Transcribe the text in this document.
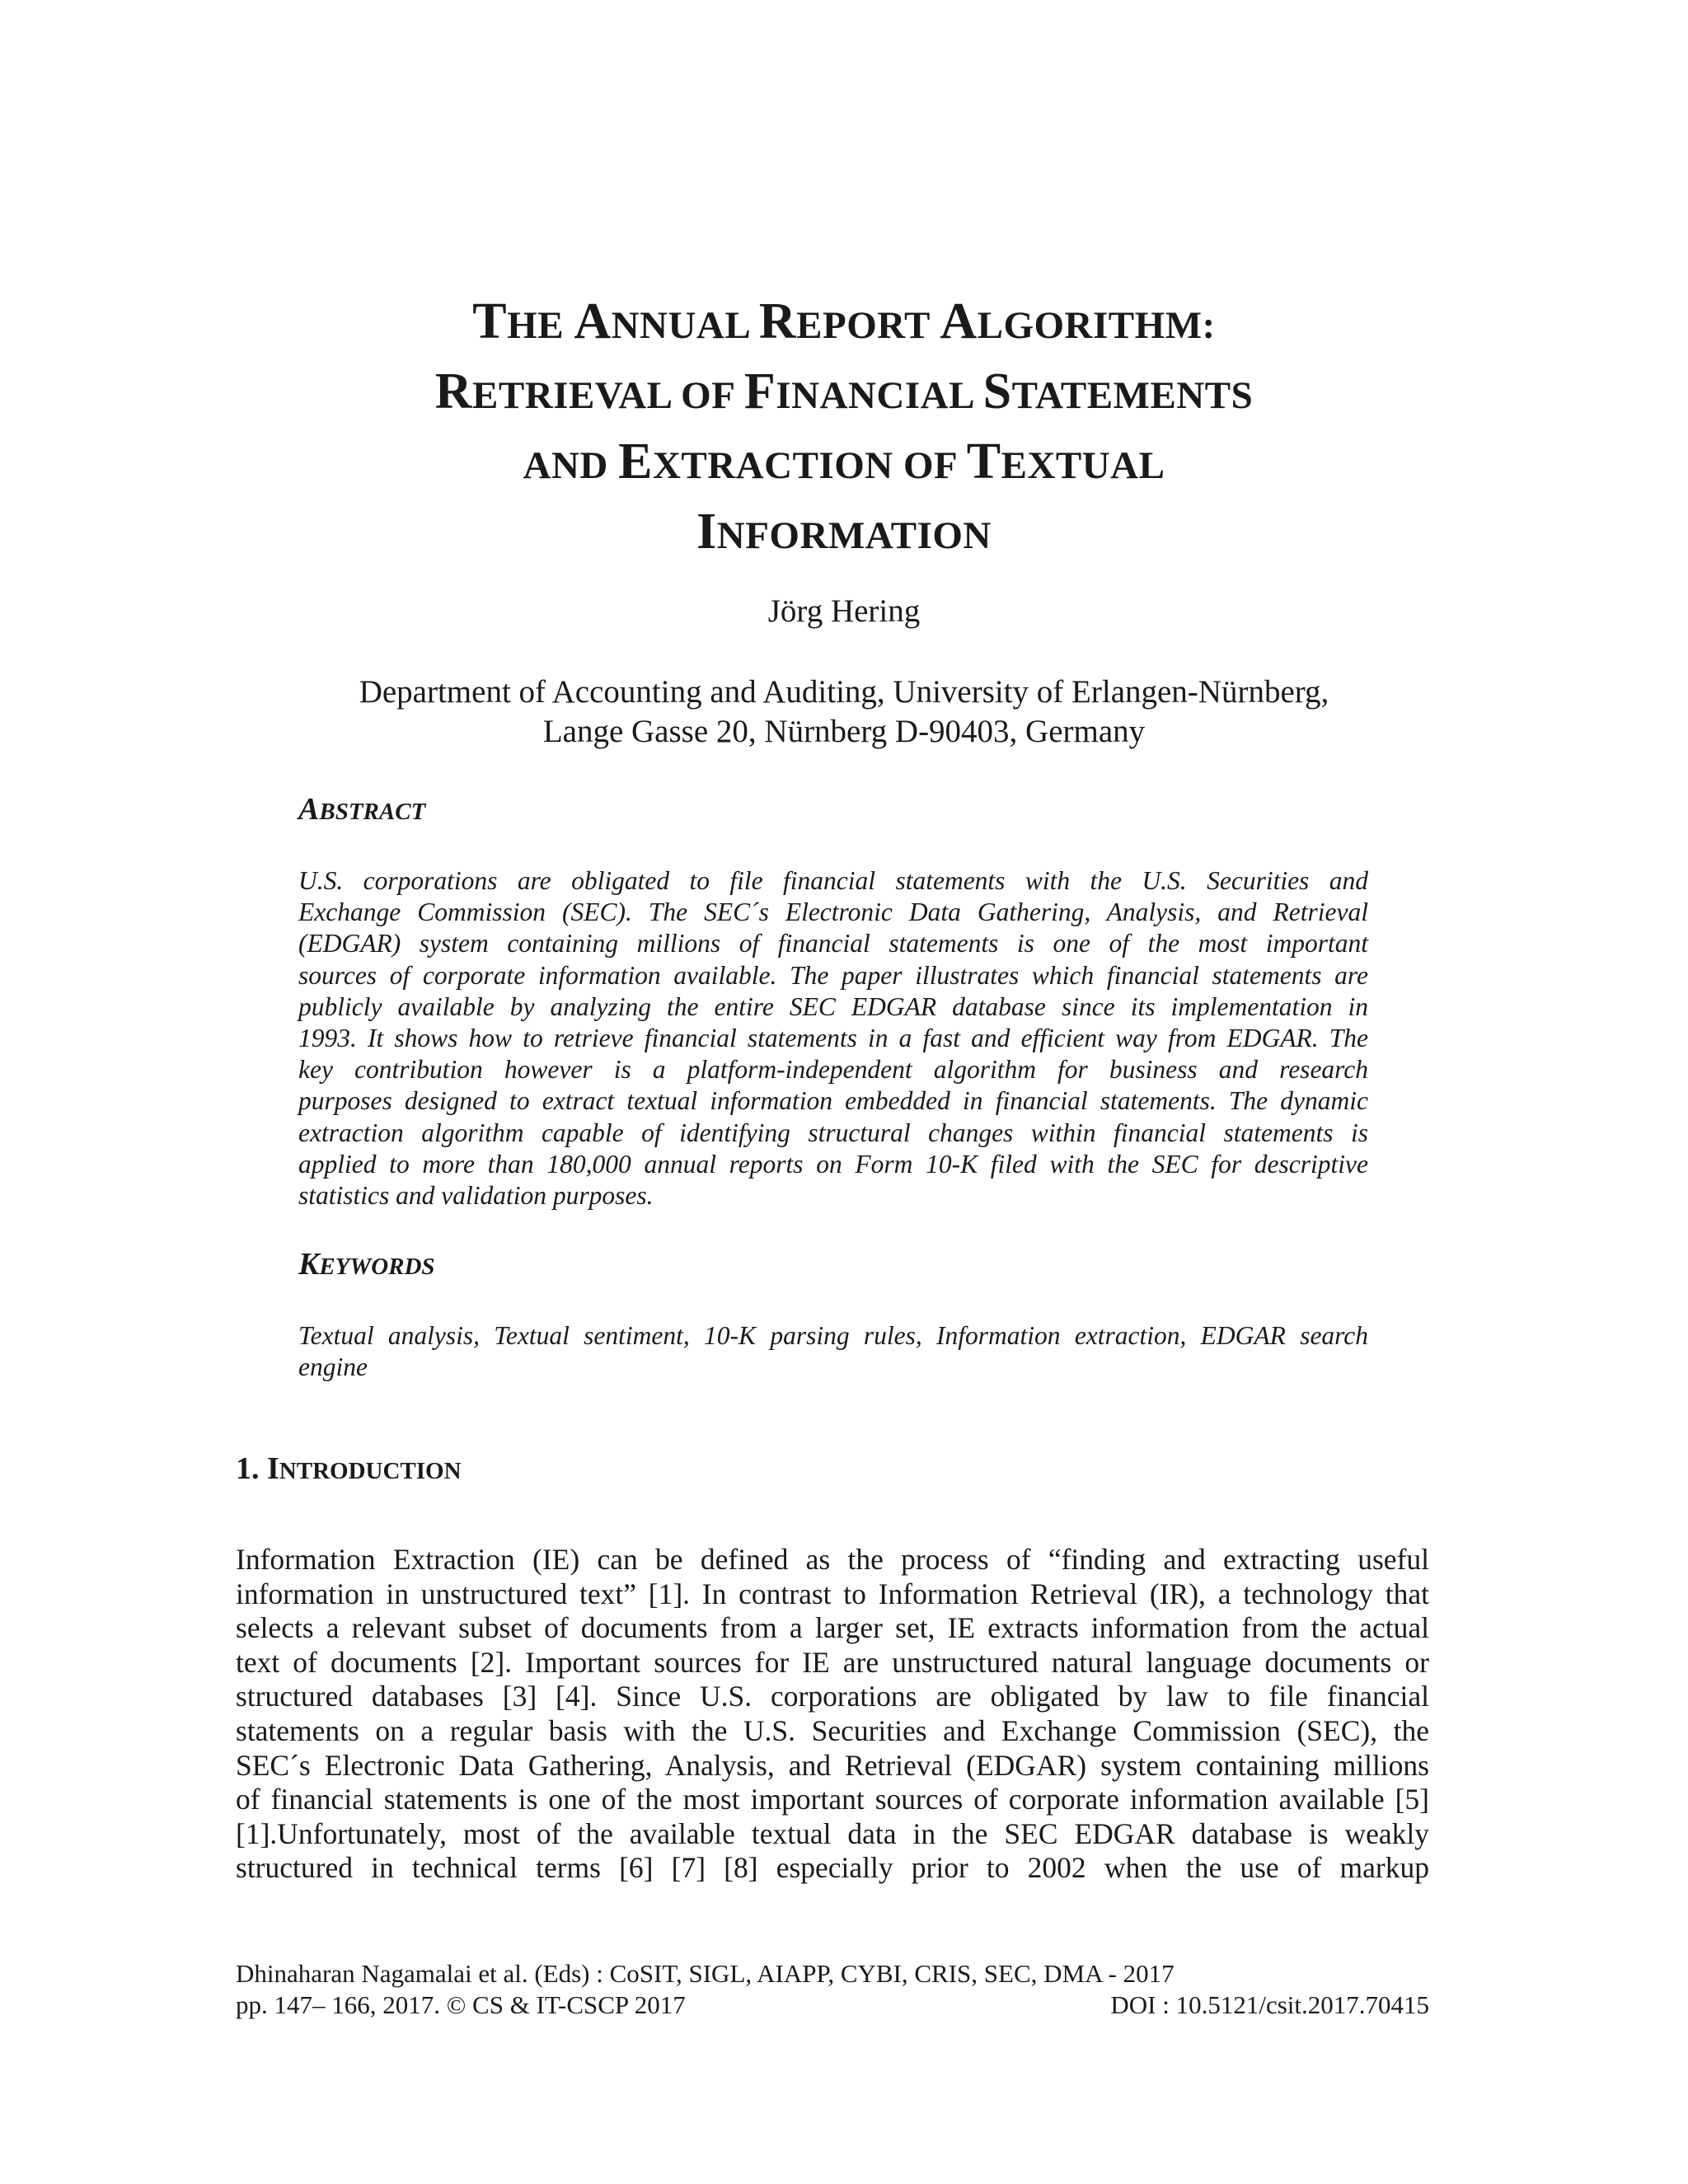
THE ANNUAL REPORT ALGORITHM:
RETRIEVAL OF FINANCIAL STATEMENTS
AND EXTRACTION OF TEXTUAL
INFORMATION
Jörg Hering
Department of Accounting and Auditing, University of Erlangen-Nürnberg,
Lange Gasse 20, Nürnberg D-90403, Germany
ABSTRACT
U.S. corporations are obligated to file financial statements with the U.S. Securities and
Exchange Commission (SEC). The SEC´s Electronic Data Gathering, Analysis, and Retrieval
(EDGAR) system containing millions of financial statements is one of the most important
sources of corporate information available. The paper illustrates which financial statements are
publicly available by analyzing the entire SEC EDGAR database since its implementation in
1993. It shows how to retrieve financial statements in a fast and efficient way from EDGAR. The
key contribution however is a platform-independent algorithm for business and research
purposes designed to extract textual information embedded in financial statements. The dynamic
extraction algorithm capable of identifying structural changes within financial statements is
applied to more than 180,000 annual reports on Form 10-K filed with the SEC for descriptive
statistics and validation purposes.
KEYWORDS
Textual analysis, Textual sentiment, 10-K parsing rules, Information extraction, EDGAR search
engine
1. INTRODUCTION
Information Extraction (IE) can be defined as the process of “finding and extracting useful
information in unstructured text” [1]. In contrast to Information Retrieval (IR), a technology that
selects a relevant subset of documents from a larger set, IE extracts information from the actual
text of documents [2]. Important sources for IE are unstructured natural language documents or
structured databases [3] [4]. Since U.S. corporations are obligated by law to file financial
statements on a regular basis with the U.S. Securities and Exchange Commission (SEC), the
SEC´s Electronic Data Gathering, Analysis, and Retrieval (EDGAR) system containing millions
of financial statements is one of the most important sources of corporate information available [5]
[1].Unfortunately, most of the available textual data in the SEC EDGAR database is weakly
structured in technical terms [6] [7] [8] especially prior to 2002 when the use of markup
Dhinaharan Nagamalai et al. (Eds) : CoSIT, SIGL, AIAPP, CYBI, CRIS, SEC, DMA - 2017
pp. 147– 166, 2017. © CS & IT-CSCP 2017	DOI : 10.5121/csit.2017.70415
